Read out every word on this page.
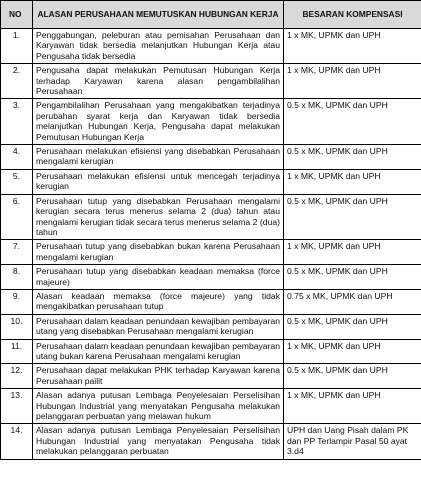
NO	ALASAN PERUSAHAAN MEMUTUSKAN HUBUNGAN KERJA	BESARAN KOMPENSASI
1.	Penggabungan, peleburan atau pemisahan Perusahaan dan Karyawan tidak bersedia melanjutkan Hubungan Kerja atau Pengusaha tidak bersedia	1 x MK, UPMK dan UPH
2.	Pengusaha dapat melakukan Pemutusan Hubungan Kerja terhadap Karyawan karena alasan pengambilalihan Perusahaan	1 x MK, UPMK dan UPH
3.	Pengambilalihan Perusahaan yang mengakibatkan terjadinya perubahan syarat kerja dan Karyawan tidak bersedia melanjutkan Hubungan Kerja, Pengusaha dapat melakukan Pemutusan Hubungan Kerja	0.5 x MK, UPMK dan UPH
4.	Perusahaan melakukan efisiensi yang disebabkan Perusahaan mengalami kerugian	0.5 x MK, UPMK dan UPH
5.	Perusahaan melakukan efisiensi untuk mencegah terjadinya kerugian	1 x MK, UPMK dan UPH
6.	Perusahaan tutup yang disebabkan Perusahaan mengalami kerugian secara terus menerus selama 2 (dua) tahun atau mengalami kerugian tidak secara terus menerus selama 2 (dua) tahun	0.5 x MK, UPMK dan UPH
7.	Perusahaan tutup yang disebabkan bukan karena Perusahaan mengalami kerugian	1 x MK, UPMK dan UPH
8.	Perusahaan tutup yang disebabkan keadaan memaksa (force majeure)	0.5 x MK, UPMK dan UPH
9.	Alasan keadaan memaksa (force majeure) yang tidak mengakibatkan perusahaan tutup	0.75 x MK, UPMK dan UPH
10.	Perusahaan dalam keadaan penundaan kewajiban pembayaran utang yang disebabkan Perusahaan mengalami kerugian	0.5 x MK, UPMK dan UPH
11.	Perusahaan dalam keadaan penundaan kewajiban pembayaran utang bukan karena Perusahaan mengalami kerugian	1 x MK, UPMK dan UPH
12.	Perusahaan dapat melakukan PHK terhadap Karyawan karena Perusahaan pailit	0.5 x MK, UPMK dan UPH
13.	Alasan adanya putusan Lembaga Penyelesaian Perselisihan Hubungan Industrial yang menyatakan Pengusaha melakukan pelanggaran perbuatan yang melawan hukum	1 x MK, UPMK dan UPH
14.	Alasan adanya putusan Lembaga Penyelesaian Perselisihan Hubungan Industrial yang menyatakan Pengusaha tidak melakukan pelanggaran perbuatan	UPH dan Uang Pisah dalam PK dan PP Terlampir Pasal 50 ayat 3.d4
